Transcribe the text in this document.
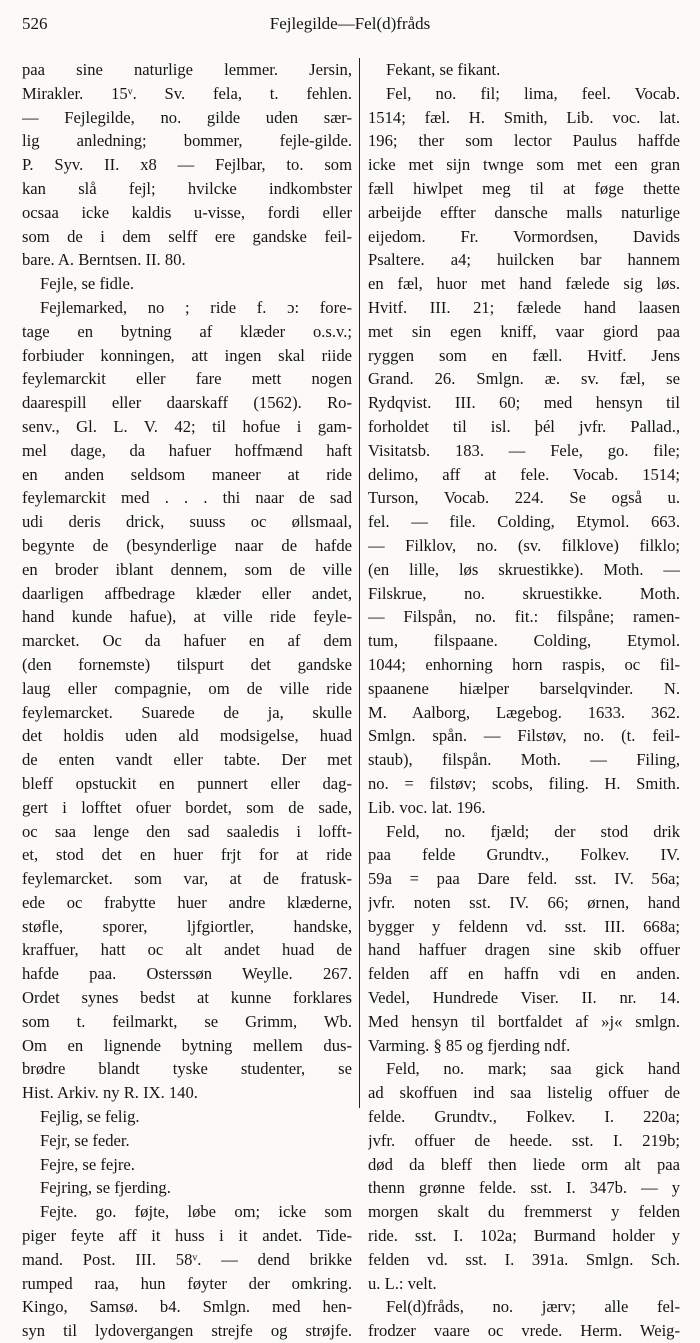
526	Fejlegilde—Fel(d)fråds
paa sine naturlige lemmer. Jersin,
Mirakler. 15ᵛ. Sv. fela, t. fehlen.
— Fejlegilde, no. gilde uden sær-
lig anledning; bommer, fejle-gilde.
P. Syv. II. x8 — Fejlbar, to. som
kan slå fejl; hvilcke indkombster
ocsaa icke kaldis u-visse, fordi eller
som de i dem selff ere gandske feil-
bare. A. Berntsen. II. 80.
Fejle, se fidle.
Fejlemarked, no ; ride f. ɔ: fore-
tage en bytning af klæder o.s.v.;
forbiuder konningen, att ingen skal riide
feylemarckit eller fare mett nogen
daarespill eller daarskaff (1562). Ro-
senv., Gl. L. V. 42; til hofue i gam-
mel dage, da hafuer hoffmænd haft
en anden seldsom maneer at ride
feylemarckit med . . . thi naar de sad
udi deris drick, suuss oc øllsmaal,
begynte de (besynderlige naar de hafde
en broder iblant dennem, som de ville
daarligen affbedrage klæder eller andet,
hand kunde hafue), at ville ride feyle-
marcket. Oc da hafuer en af dem
(den fornemste) tilspurt det gandske
laug eller compagnie, om de ville ride
feylemarcket. Suarede de ja, skulle
det holdis uden ald modsigelse, huad
de enten vandt eller tabte. Der met
bleff opstuckit en punnert eller dag-
gert i lofftet ofuer bordet, som de sade,
oc saa lenge den sad saaledis i lofft-
et, stod det en huer frjt for at ride
feylemarcket. som var, at de fratusk-
ede oc frabytte huer andre klæderne,
støfle, sporer, ljfgiortler, handske,
kraffuer, hatt oc alt andet huad de
hafde paa. Osterssøn Weylle. 267.
Ordet synes bedst at kunne forklares
som t. feilmarkt, se Grimm, Wb.
Om en lignende bytning mellem dus-
brødre blandt tyske studenter, se
Hist. Arkiv. ny R. IX. 140.
Fejlig, se felig.
Fejr, se feder.
Fejre, se fejre.
Fejring, se fjerding.
Fejte. go. føjte, løbe om; icke som
piger feyte aff it huss i it andet. Tide-
mand. Post. III. 58ᵛ. — dend brikke
rumped raa, hun føyter der omkring.
Kingo, Samsø. b4. Smlgn. med hen-
syn til lydovergangen strejfe og strøjfe.
Fekant, se fikant.
Fel, no. fil; lima, feel. Vocab.
1514; fæl. H. Smith, Lib. voc. lat.
196; ther som lector Paulus haffde
icke met sijn twnge som met een gran
fæll hiwlpet meg til at føge thette
arbeijde effter dansche malls naturlige
eijedom. Fr. Vormordsen, Davids
Psaltere. a4; huilcken bar hannem
en fæl, huor met hand fælede sig løs.
Hvitf. III. 21; fælede hand laasen
met sin egen kniff, vaar giord paa
ryggen som en fæll. Hvitf. Jens
Grand. 26. Smlgn. æ. sv. fæl, se
Rydqvist. III. 60; med hensyn til
forholdet til isl. þél jvfr. Pallad.,
Visitatsb. 183. — Fele, go. file;
delimo, aff at fele. Vocab. 1514;
Turson, Vocab. 224. Se også u.
fel. — file. Colding, Etymol. 663.
— Filklov, no. (sv. filklove) filklo;
(en lille, løs skruestikke). Moth. —
Filskrue, no. skruestikke. Moth.
— Filspån, no. fit.: filspåne; ramen-
tum, filspaane. Colding, Etymol.
1044; enhorning horn raspis, oc fil-
spaanene hiælper barselqvinder. N.
M. Aalborg, Lægebog. 1633. 362.
Smlgn. spån. — Filstøv, no. (t. feil-
staub), filspån. Moth. — Filing,
no. = filstøv; scobs, filing. H. Smith.
Lib. voc. lat. 196.
Feld, no. fjæld; der stod drik
paa felde Grundtv., Folkev. IV.
59a = paa Dare feld. sst. IV. 56a;
jvfr. noten sst. IV. 66; ørnen, hand
bygger y feldenn vd. sst. III. 668a;
hand haffuer dragen sine skib offuer
felden aff en haffn vdi en anden.
Vedel, Hundrede Viser. II. nr. 14.
Med hensyn til bortfaldet af »j« smlgn.
Varming. § 85 og fjerding ndf.
Feld, no. mark; saa gick hand
ad skoffuen ind saa listelig offuer de
felde. Grundtv., Folkev. I. 220a;
jvfr. offuer de heede. sst. I. 219b;
død da bleff then liede orm alt paa
thenn grønne felde. sst. I. 347b. — y
morgen skalt du fremmerst y felden
ride. sst. I. 102a; Burmand holder y
felden vd. sst. I. 391a. Smlgn. Sch.
u. L.: velt.
Fel(d)fråds, no. jærv; alle fel-
frodzer vaare oc vrede. Herm. Weig-
